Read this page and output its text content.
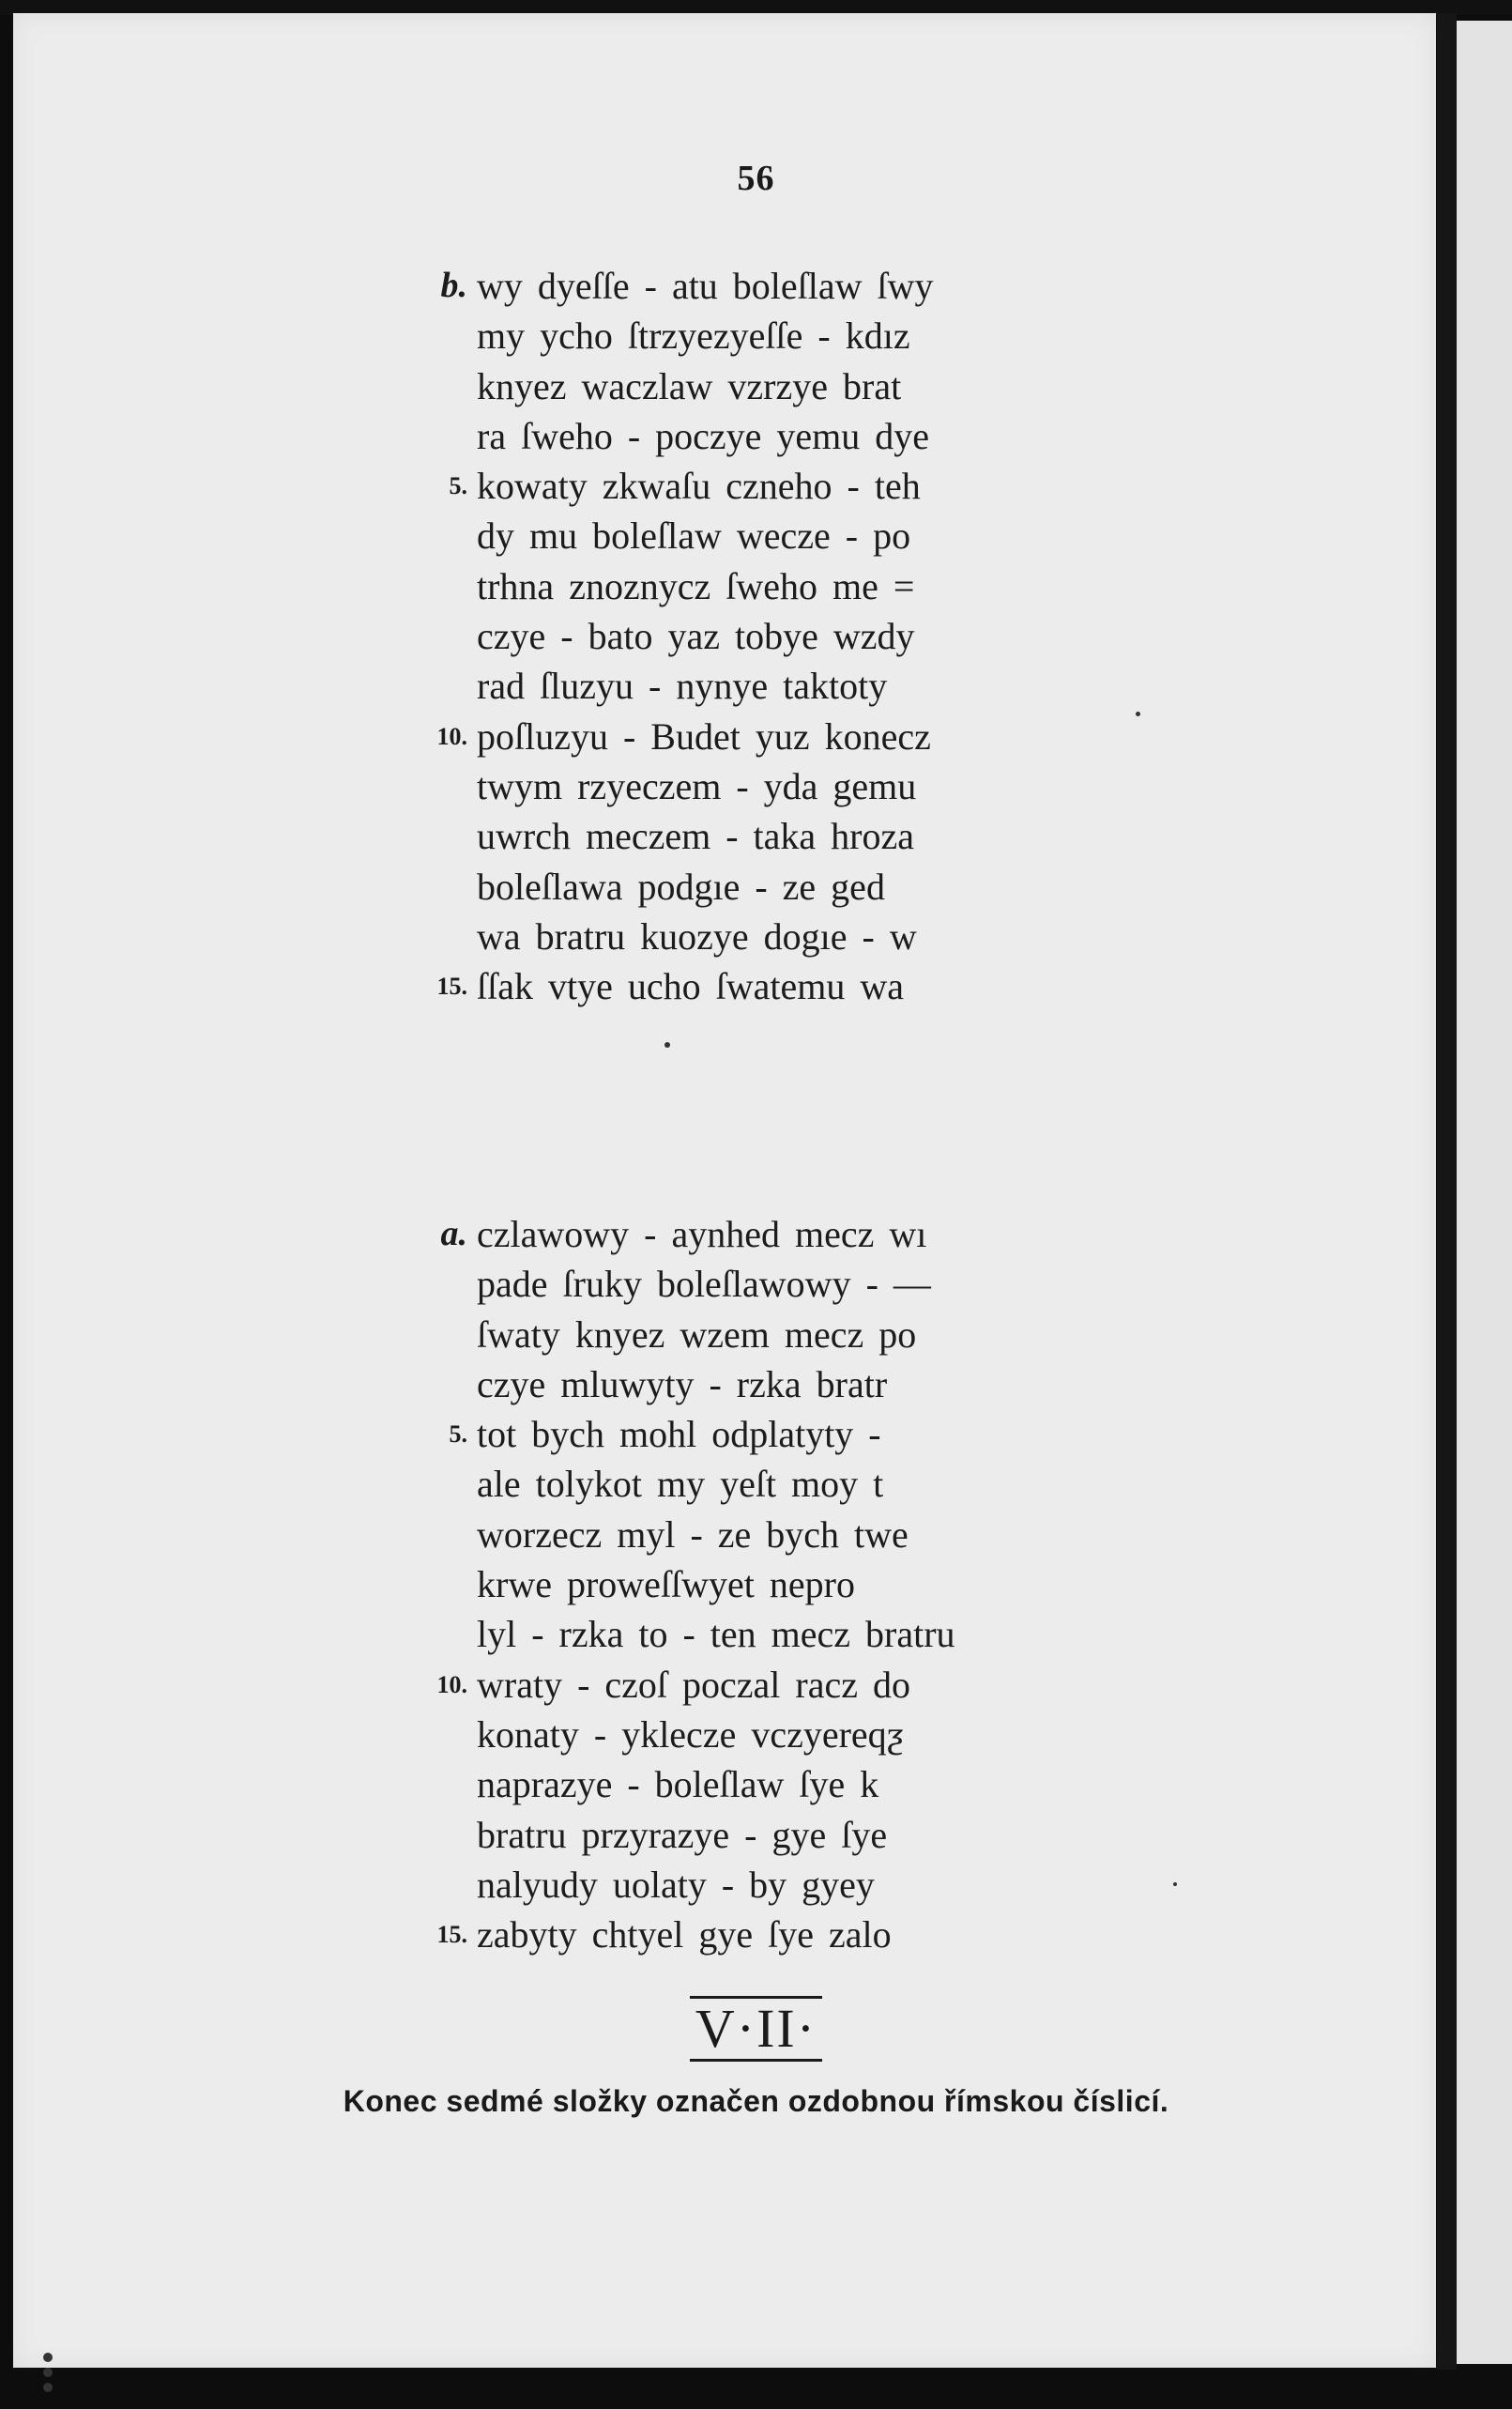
56
b. wy dyeſſe - atu boleſlaw ſwy
my ycho ſtrzyezyeſſe - kdız
knyez waczlaw vzrzye brat
ra ſweho - poczye yemu dye
5. kowaty zkwaſu czneho - teh
dy mu boleſlaw wecze - po
trhna znoznycz ſweho me =
czye - bato yaz tobye wzdy
rad ſluzyu - nynye taktoty
10. poſluzyu - Budet yuz konecz
twym rzyeczem - yda gemu
uwrch meczem - taka hroza
boleſlawa podgıe - ze ged
wa bratru kuozye dogıe - w
15. ſſak vtye ucho ſwatemu wa
a. czlawowy - aynhed mecz wı
pade ſruky boleſlawowy - —
ſwaty knyez wzem mecz po
czye mluwyty - rzka bratr
5. tot bych mohl odplatyty -
ale tolykot my yeſt moy t
worzecz myl - ze bych twe
krwe proweſſwyet nepro
lyl - rzka to - ten mecz bratru
10. wraty - czoſ poczal racz do
konaty - yklecze vczyereqƺ
naprazye - boleſlaw ſye k
bratru przyrazye - gye ſye
nalyudy uolaty - by gyey
15. zabyty chtyel gye ſye zalo
V·II·
Konec sedmé složky označen ozdobnou římskou číslicí.
